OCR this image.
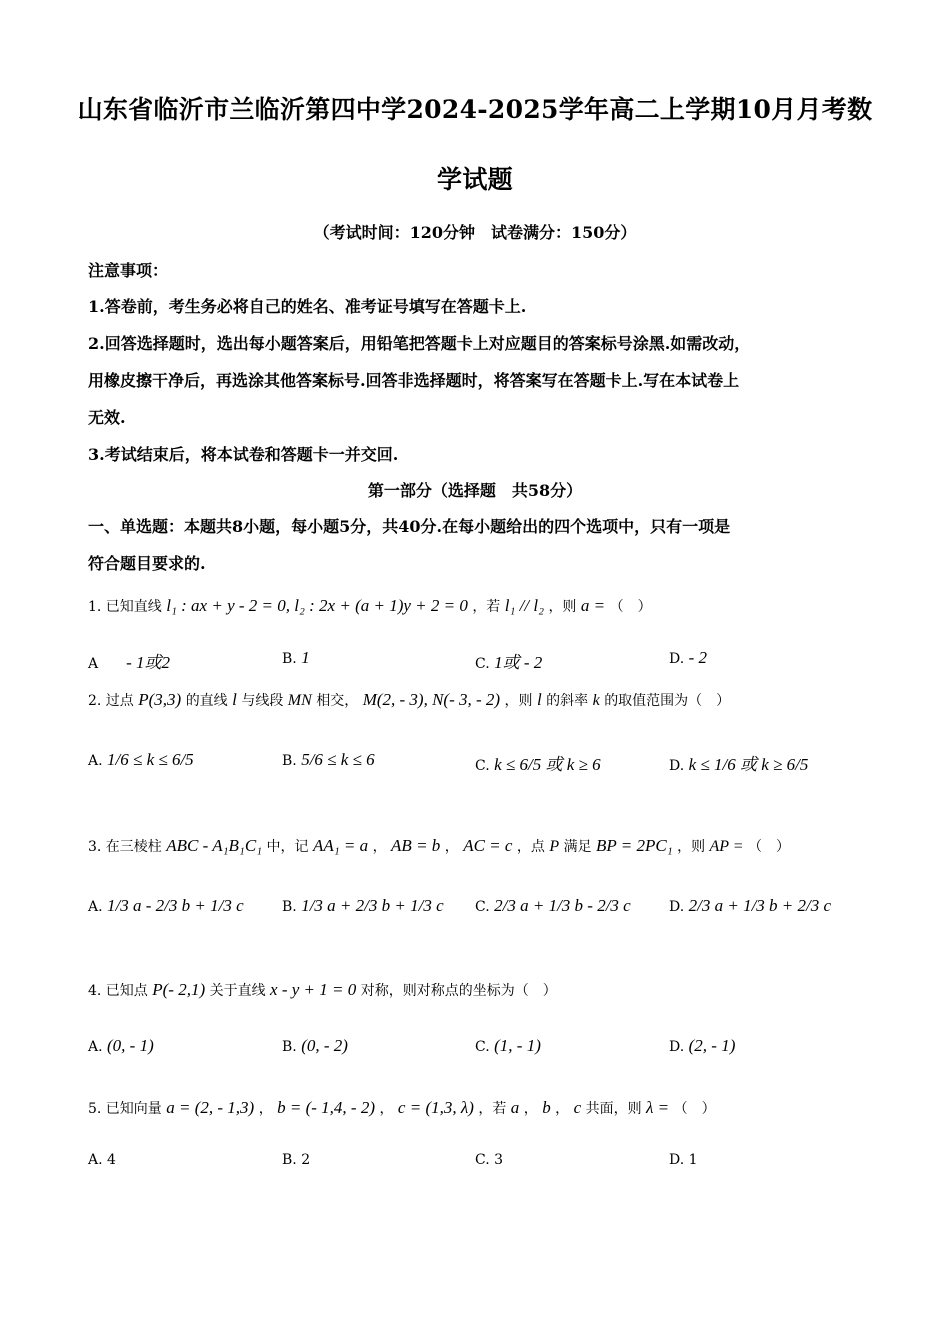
山东省临沂市兰临沂第四中学2024-2025学年高二上学期10月月考数
学试题
（考试时间：120分钟　试卷满分：150分）
注意事项：
1.答卷前，考生务必将自己的姓名、准考证号填写在答题卡上.
2.回答选择题时，选出每小题答案后，用铅笔把答题卡上对应题目的答案标号涂黑.如需改动，
用橡皮擦干净后，再选涂其他答案标号.回答非选择题时，将答案写在答题卡上.写在本试卷上
无效.
3.考试结束后，将本试卷和答题卡一并交回.
第一部分（选择题　共58分）
一、单选题：本题共8小题，每小题5分，共40分.在每小题给出的四个选项中，只有一项是
符合题目要求的.
1. 已知直线 l₁ : ax + y - 2 = 0, l₂ : 2x + (a + 1)y + 2 = 0 ，若 l₁ // l₂ ，则 a = （　）
A　　 - 1或2	B. 1	C. 1或 - 2	D. - 2
2. 过点 P(3,3) 的直线 l 与线段 MN 相交， M(2, - 3), N(- 3, - 2) ，则 l 的斜率 k 的取值范围为（　）
A. 1/6 ≤ k ≤ 6/5	B. 5/6 ≤ k ≤ 6	C. k ≤ 6/5 或 k ≥ 6	D. k ≤ 1/6 或 k ≥ 6/5
3. 在三棱柱 ABC - A₁B₁C₁ 中，记 AA₁ = a ， AB = b ， AC = c ，点 P 满足 BP = 2PC₁ ，则 AP = （　）
A. 1/3 a - 2/3 b + 1/3 c	B. 1/3 a + 2/3 b + 1/3 c C. 2/3 a + 1/3 b - 2/3 c	D. 2/3 a + 1/3 b + 2/3 c
4. 已知点 P(- 2,1) 关于直线 x - y + 1 = 0 对称，则对称点的坐标为（　）
A. (0, - 1)	B. (0, - 2)	C. (1, - 1)	D. (2, - 1)
5. 已知向量 a = (2, - 1,3) ， b = (- 1,4, - 2) ， c = (1,3, λ) ，若 a ， b ， c 共面，则 λ = （　）
A. 4	B. 2	C. 3	D. 1
